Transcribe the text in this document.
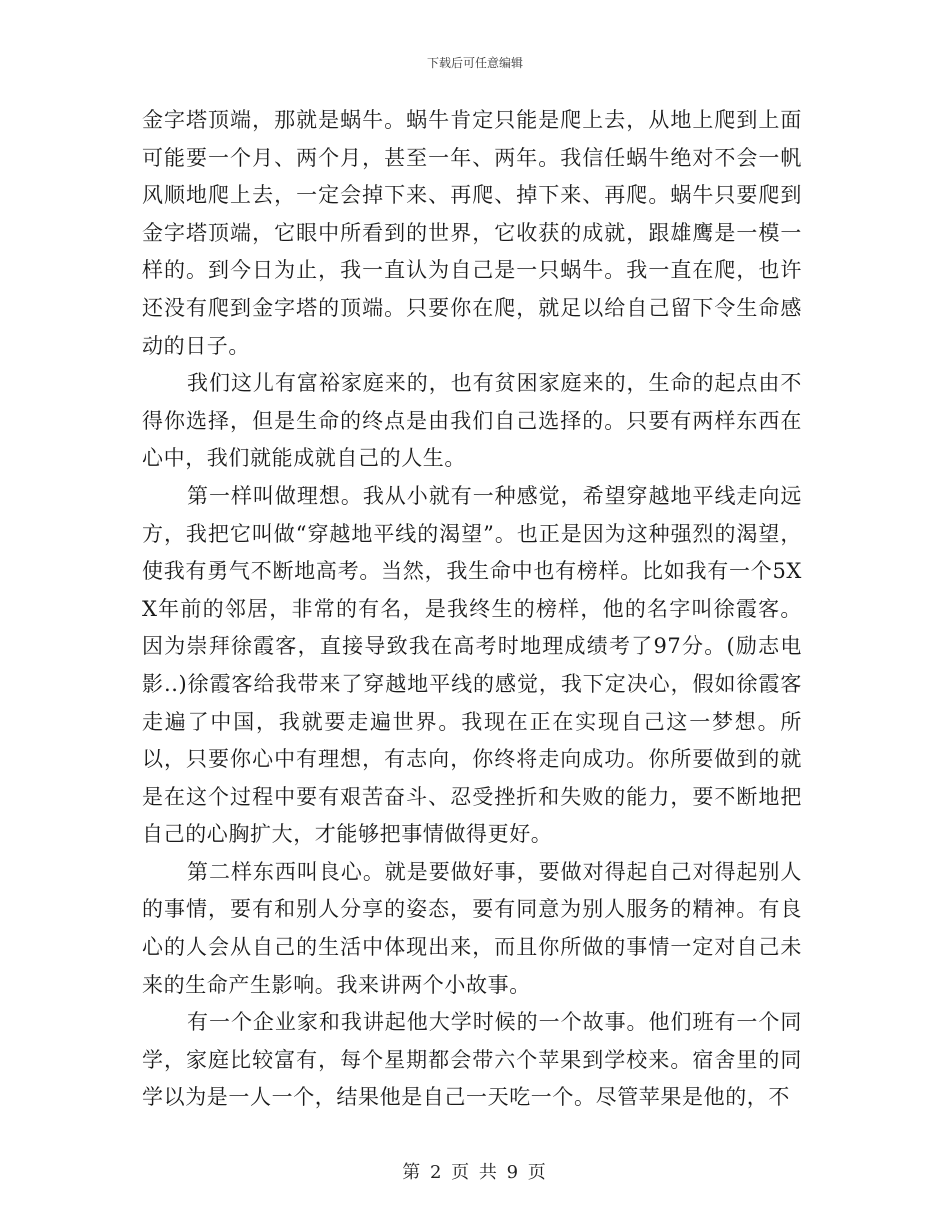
下载后可任意编辑

金字塔顶端，那就是蜗牛。蜗牛肯定只能是爬上去，从地上爬到上面可能要一个月、两个月，甚至一年、两年。我信任蜗牛绝对不会一帆风顺地爬上去，一定会掉下来、再爬、掉下来、再爬。蜗牛只要爬到金字塔顶端，它眼中所看到的世界，它收获的成就，跟雄鹰是一模一样的。到今日为止，我一直认为自己是一只蜗牛。我一直在爬，也许还没有爬到金字塔的顶端。只要你在爬，就足以给自己留下令生命感动的日子。

我们这儿有富裕家庭来的，也有贫困家庭来的，生命的起点由不得你选择，但是生命的终点是由我们自己选择的。只要有两样东西在心中，我们就能成就自己的人生。

第一样叫做理想。我从小就有一种感觉，希望穿越地平线走向远方，我把它叫做“穿越地平线的渴望”。也正是因为这种强烈的渴望，使我有勇气不断地高考。当然，我生命中也有榜样。比如我有一个5XX年前的邻居，非常的有名，是我终生的榜样，他的名字叫徐霞客。因为崇拜徐霞客，直接导致我在高考时地理成绩考了97分。(励志电影..)徐霞客给我带来了穿越地平线的感觉，我下定决心，假如徐霞客走遍了中国，我就要走遍世界。我现在正在实现自己这一梦想。所以，只要你心中有理想，有志向，你终将走向成功。你所要做到的就是在这个过程中要有艰苦奋斗、忍受挫折和失败的能力，要不断地把自己的心胸扩大，才能够把事情做得更好。

第二样东西叫良心。就是要做好事，要做对得起自己对得起别人的事情，要有和别人分享的姿态，要有同意为别人服务的精神。有良心的人会从自己的生活中体现出来，而且你所做的事情一定对自己未来的生命产生影响。我来讲两个小故事。

有一个企业家和我讲起他大学时候的一个故事。他们班有一个同学，家庭比较富有，每个星期都会带六个苹果到学校来。宿舍里的同学以为是一人一个，结果他是自己一天吃一个。尽管苹果是他的，不

第 2 页 共 9 页
